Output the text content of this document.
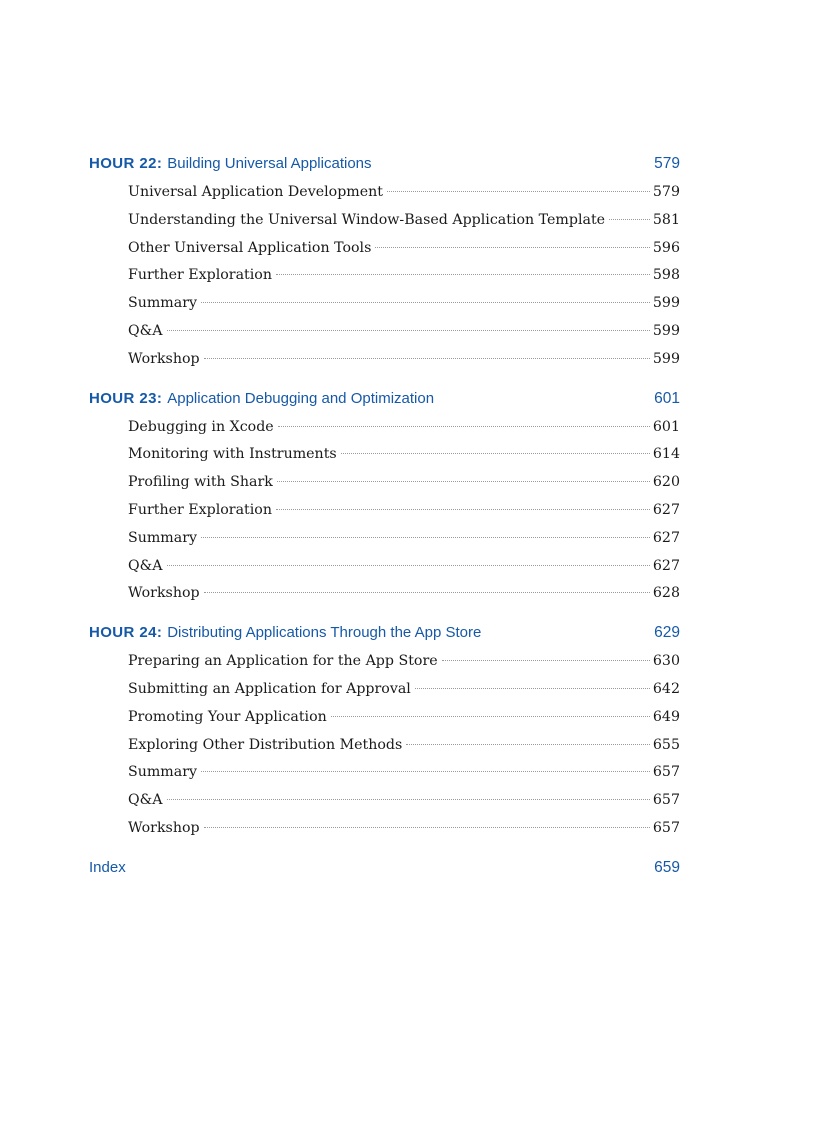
HOUR 22: Building Universal Applications	579
Universal Application Development	579
Understanding the Universal Window-Based Application Template	581
Other Universal Application Tools	596
Further Exploration	598
Summary	599
Q&A	599
Workshop	599
HOUR 23: Application Debugging and Optimization	601
Debugging in Xcode	601
Monitoring with Instruments	614
Profiling with Shark	620
Further Exploration	627
Summary	627
Q&A	627
Workshop	628
HOUR 24: Distributing Applications Through the App Store	629
Preparing an Application for the App Store	630
Submitting an Application for Approval	642
Promoting Your Application	649
Exploring Other Distribution Methods	655
Summary	657
Q&A	657
Workshop	657
Index	659
